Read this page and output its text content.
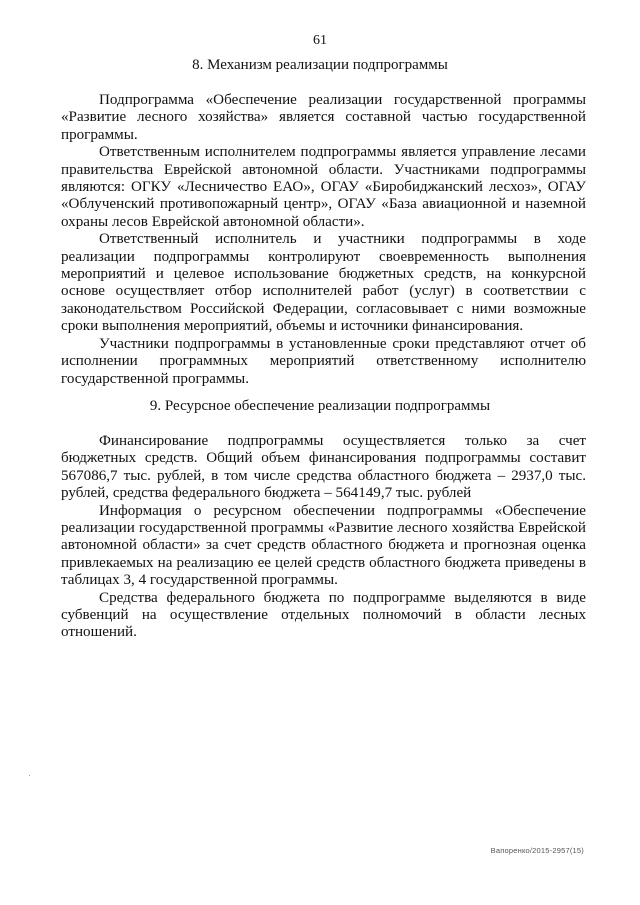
61
8. Механизм реализации подпрограммы

Подпрограмма «Обеспечение реализации государственной программы «Развитие лесного хозяйства» является составной частью государственной программы.

Ответственным исполнителем подпрограммы является управление лесами правительства Еврейской автономной области. Участниками подпрограммы являются: ОГКУ «Лесничество ЕАО», ОГАУ «Биробиджанский лесхоз», ОГАУ «Облученский противопожарный центр», ОГАУ «База авиационной и наземной охраны лесов Еврейской автономной области».

Ответственный исполнитель и участники подпрограммы в ходе реализации подпрограммы контролируют своевременность выполнения мероприятий и целевое использование бюджетных средств, на конкурсной основе осуществляет отбор исполнителей работ (услуг) в соответствии с законодательством Российской Федерации, согласовывает с ними возможные сроки выполнения мероприятий, объемы и источники финансирования.

Участники подпрограммы в установленные сроки представляют отчет об исполнении программных мероприятий ответственному исполнителю государственной программы.

9. Ресурсное обеспечение реализации подпрограммы

Финансирование подпрограммы осуществляется только за счет бюджетных средств. Общий объем финансирования подпрограммы составит 567086,7 тыс. рублей, в том числе средства областного бюджета – 2937,0 тыс. рублей, средства федерального бюджета – 564149,7 тыс. рублей

Информация о ресурсном обеспечении подпрограммы «Обеспечение реализации государственной программы «Развитие лесного хозяйства Еврейской автономной области» за счет средств областного бюджета и прогнозная оценка привлекаемых на реализацию ее целей средств областного бюджета приведены в таблицах 3, 4 государственной программы.

Средства федерального бюджета по подпрограмме выделяются в виде субвенций на осуществление отдельных полномочий в области лесных отношений.

Вапоренко/2015-2957(15)
